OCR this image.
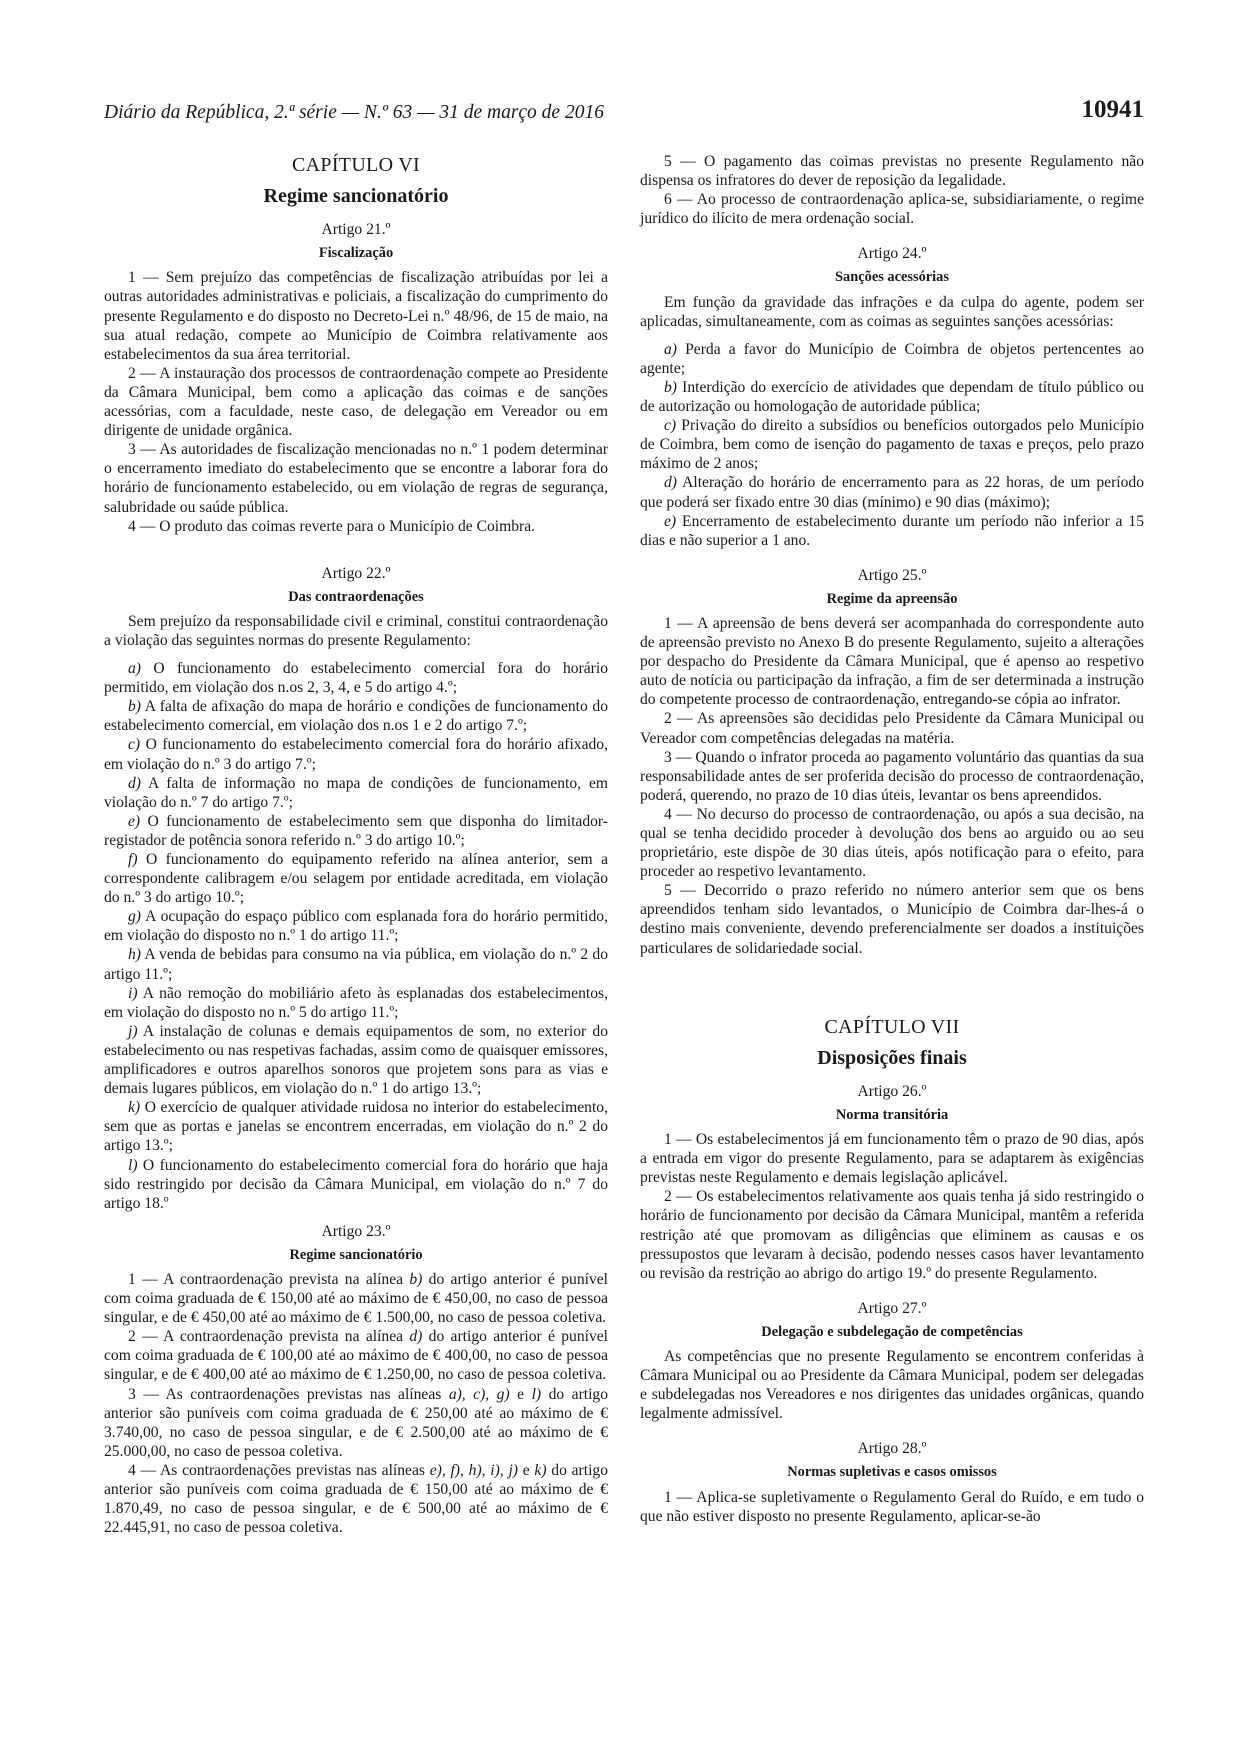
Diário da República, 2.ª série — N.º 63 — 31 de março de 2016	10941
CAPÍTULO VI
Regime sancionatório
Artigo 21.º
Fiscalização

1 — Sem prejuízo das competências de fiscalização atribuídas por lei a outras autoridades administrativas e policiais, a fiscalização do cumprimento do presente Regulamento e do disposto no Decreto-Lei n.º 48/96, de 15 de maio, na sua atual redação, compete ao Município de Coimbra relativamente aos estabelecimentos da sua área territorial.

2 — A instauração dos processos de contraordenação compete ao Presidente da Câmara Municipal, bem como a aplicação das coimas e de sanções acessórias, com a faculdade, neste caso, de delegação em Vereador ou em dirigente de unidade orgânica.

3 — As autoridades de fiscalização mencionadas no n.º 1 podem determinar o encerramento imediato do estabelecimento que se encontre a laborar fora do horário de funcionamento estabelecido, ou em violação de regras de segurança, salubridade ou saúde pública.

4 — O produto das coimas reverte para o Município de Coimbra.

Artigo 22.º
Das contraordenações

Sem prejuízo da responsabilidade civil e criminal, constitui contraordenação a violação das seguintes normas do presente Regulamento:

a) O funcionamento do estabelecimento comercial fora do horário permitido, em violação dos n.os 2, 3, 4, e 5 do artigo 4.º;

b) A falta de afixação do mapa de horário e condições de funcionamento do estabelecimento comercial, em violação dos n.os 1 e 2 do artigo 7.º;

c) O funcionamento do estabelecimento comercial fora do horário afixado, em violação do n.º 3 do artigo 7.º;

d) A falta de informação no mapa de condições de funcionamento, em violação do n.º 7 do artigo 7.º;

e) O funcionamento de estabelecimento sem que disponha do limitador-registador de potência sonora referido n.º 3 do artigo 10.º;

f) O funcionamento do equipamento referido na alínea anterior, sem a correspondente calibragem e/ou selagem por entidade acreditada, em violação do n.º 3 do artigo 10.º;

g) A ocupação do espaço público com esplanada fora do horário permitido, em violação do disposto no n.º 1 do artigo 11.º;

h) A venda de bebidas para consumo na via pública, em violação do n.º 2 do artigo 11.º;

i) A não remoção do mobiliário afeto às esplanadas dos estabelecimentos, em violação do disposto no n.º 5 do artigo 11.º;

j) A instalação de colunas e demais equipamentos de som, no exterior do estabelecimento ou nas respetivas fachadas, assim como de quaisquer emissores, amplificadores e outros aparelhos sonoros que projetem sons para as vias e demais lugares públicos, em violação do n.º 1 do artigo 13.º;

k) O exercício de qualquer atividade ruidosa no interior do estabelecimento, sem que as portas e janelas se encontrem encerradas, em violação do n.º 2 do artigo 13.º;

l) O funcionamento do estabelecimento comercial fora do horário que haja sido restringido por decisão da Câmara Municipal, em violação do n.º 7 do artigo 18.º

Artigo 23.º
Regime sancionatório

1 — A contraordenação prevista na alínea b) do artigo anterior é punível com coima graduada de € 150,00 até ao máximo de € 450,00, no caso de pessoa singular, e de € 450,00 até ao máximo de € 1.500,00, no caso de pessoa coletiva.

2 — A contraordenação prevista na alínea d) do artigo anterior é punível com coima graduada de € 100,00 até ao máximo de € 400,00, no caso de pessoa singular, e de € 400,00 até ao máximo de € 1.250,00, no caso de pessoa coletiva.

3 — As contraordenações previstas nas alíneas a), c), g) e l) do artigo anterior são puníveis com coima graduada de € 250,00 até ao máximo de € 3.740,00, no caso de pessoa singular, e de € 2.500,00 até ao máximo de € 25.000,00, no caso de pessoa coletiva.

4 — As contraordenações previstas nas alíneas e), f), h), i), j) e k) do artigo anterior são puníveis com coima graduada de € 150,00 até ao máximo de € 1.870,49, no caso de pessoa singular, e de € 500,00 até ao máximo de € 22.445,91, no caso de pessoa coletiva.

5 — O pagamento das coimas previstas no presente Regulamento não dispensa os infratores do dever de reposição da legalidade.

6 — Ao processo de contraordenação aplica-se, subsidiariamente, o regime jurídico do ilícito de mera ordenação social.

Artigo 24.º
Sanções acessórias

Em função da gravidade das infrações e da culpa do agente, podem ser aplicadas, simultaneamente, com as coimas as seguintes sanções acessórias:

a) Perda a favor do Município de Coimbra de objetos pertencentes ao agente;

b) Interdição do exercício de atividades que dependam de título público ou de autorização ou homologação de autoridade pública;

c) Privação do direito a subsídios ou benefícios outorgados pelo Município de Coimbra, bem como de isenção do pagamento de taxas e preços, pelo prazo máximo de 2 anos;

d) Alteração do horário de encerramento para as 22 horas, de um período que poderá ser fixado entre 30 dias (mínimo) e 90 dias (máximo);

e) Encerramento de estabelecimento durante um período não inferior a 15 dias e não superior a 1 ano.

Artigo 25.º
Regime da apreensão

1 — A apreensão de bens deverá ser acompanhada do correspondente auto de apreensão previsto no Anexo B do presente Regulamento, sujeito a alterações por despacho do Presidente da Câmara Municipal, que é apenso ao respetivo auto de notícia ou participação da infração, a fim de ser determinada a instrução do competente processo de contraordenação, entregando-se cópia ao infrator.

2 — As apreensões são decididas pelo Presidente da Câmara Municipal ou Vereador com competências delegadas na matéria.

3 — Quando o infrator proceda ao pagamento voluntário das quantias da sua responsabilidade antes de ser proferida decisão do processo de contraordenação, poderá, querendo, no prazo de 10 dias úteis, levantar os bens apreendidos.

4 — No decurso do processo de contraordenação, ou após a sua decisão, na qual se tenha decidido proceder à devolução dos bens ao arguido ou ao seu proprietário, este dispõe de 30 dias úteis, após notificação para o efeito, para proceder ao respetivo levantamento.

5 — Decorrido o prazo referido no número anterior sem que os bens apreendidos tenham sido levantados, o Município de Coimbra dar-lhes-á o destino mais conveniente, devendo preferencialmente ser doados a instituições particulares de solidariedade social.

CAPÍTULO VII
Disposições finais
Artigo 26.º
Norma transitória

1 — Os estabelecimentos já em funcionamento têm o prazo de 90 dias, após a entrada em vigor do presente Regulamento, para se adaptarem às exigências previstas neste Regulamento e demais legislação aplicável.

2 — Os estabelecimentos relativamente aos quais tenha já sido restringido o horário de funcionamento por decisão da Câmara Municipal, mantêm a referida restrição até que promovam as diligências que eliminem as causas e os pressupostos que levaram à decisão, podendo nesses casos haver levantamento ou revisão da restrição ao abrigo do artigo 19.º do presente Regulamento.

Artigo 27.º
Delegação e subdelegação de competências

As competências que no presente Regulamento se encontrem conferidas à Câmara Municipal ou ao Presidente da Câmara Municipal, podem ser delegadas e subdelegadas nos Vereadores e nos dirigentes das unidades orgânicas, quando legalmente admissível.

Artigo 28.º
Normas supletivas e casos omissos

1 — Aplica-se supletivamente o Regulamento Geral do Ruído, e em tudo o que não estiver disposto no presente Regulamento, aplicar-se-ão
